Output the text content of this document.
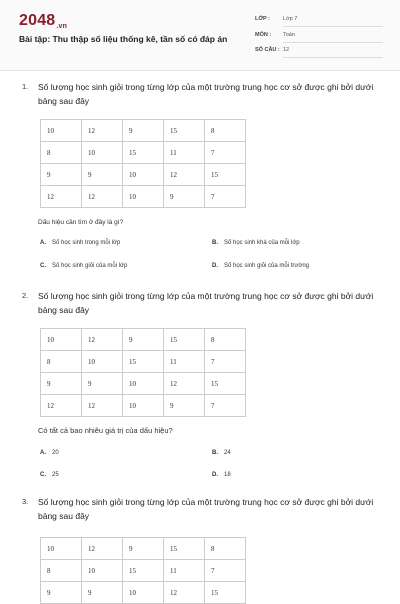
2048.vn
Bài tập: Thu thập số liệu thống kê, tần số có đáp án
LỚP : Lớp 7
MÔN : Toán
SỐ CÂU : 12
1. Số lượng học sinh giỏi trong từng lớp của một trường trung học cơ sở được ghi bởi dưới bảng sau đây
10	12	9	15	8
8	10	15	11	7
9	9	10	12	15
12	12	10	9	7
Dấu hiệu cần tìm ở đây là gì?
A. Số học sinh trong mỗi lớp	B. Số học sinh khá của mỗi lớp
C. Số học sinh giỏi của mỗi lớp	D. Số học sinh giỏi của mỗi trường
2. Số lượng học sinh giỏi trong từng lớp của một trường trung học cơ sở được ghi bởi dưới bảng sau đây
10	12	9	15	8
8	10	15	11	7
9	9	10	12	15
12	12	10	9	7
Có tất cả bao nhiêu giá trị của dấu hiệu?
A. 20	B. 24
C. 25	D. 18
3. Số lượng học sinh giỏi trong từng lớp của một trường trung học cơ sở được ghi bởi dưới bảng sau đây
10	12	9	15	8
8	10	15	11	7
9	9	10	12	15
